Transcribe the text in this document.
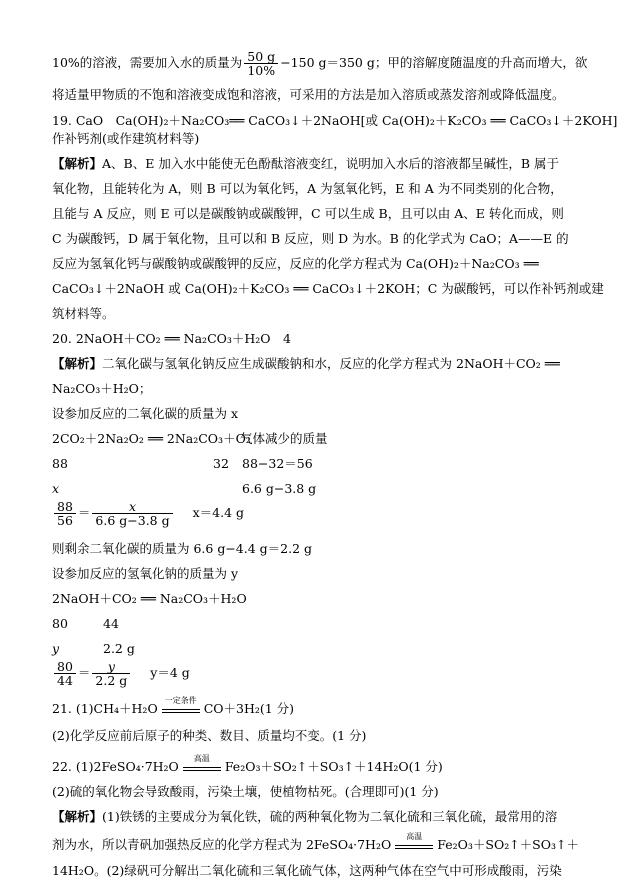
10%的溶液，需要加入水的质量为 $\frac{50 g}{10\%} -150$ g＝350 g；甲的溶解度随温度的升高而增大，欲
将适量甲物质的不饱和溶液变成饱和溶液，可采用的方法是加入溶质或蒸发溶剂或降低温度。
19. CaO　Ca(OH)₂＋Na₂CO₃══ CaCO₃↓＋2NaOH[或 Ca(OH)₂＋K₂CO₃ ══ CaCO₃↓＋2KOH]
作补钙剂(或作建筑材料等)
【解析】A、B、E 加入水中能使无色酚酞溶液变红，说明加入水后的溶液都呈碱性，B 属于
氧化物，且能转化为 A，则 B 可以为氧化钙，A 为氢氧化钙，E 和 A 为不同类别的化合物，
且能与 A 反应，则 E 可以是碳酸钠或碳酸钾，C 可以生成 B，且可以由 A、E 转化而成，则
C 为碳酸钙，D 属于氧化物，且可以和 B 反应，则 D 为水。B 的化学式为 CaO；A——E 的
反应为氢氧化钙与碳酸钠或碳酸钾的反应，反应的化学方程式为 Ca(OH)₂＋Na₂CO₃ ══
CaCO₃↓＋2NaOH 或 Ca(OH)₂＋K₂CO₃ ══ CaCO₃↓＋2KOH；C 为碳酸钙，可以作补钙剂或建
筑材料等。
20. 2NaOH＋CO₂ ══ Na₂CO₃＋H₂O　4
【解析】二氧化碳与氢氧化钠反应生成碳酸钠和水，反应的化学方程式为 2NaOH＋CO₂ ══
Na₂CO₃＋H₂O；
设参加反应的二氧化碳的质量为 x
2CO₂＋2Na₂O₂ ══ 2Na₂CO₃＋O₂
气体减少的质量
88	32 88−32＝56
x	6.6 g−3.8 g
$\frac{88}{56} = \frac{x}{6.6 g-3.8 g} x=4.4$ g
则剩余二氧化碳的质量为 6.6 g−4.4 g＝2.2 g
设参加反应的氢氧化钠的质量为 y
2NaOH＋CO₂ ══ Na₂CO₃＋H₂O
80	44
y	2.2 g
$\frac{80}{44} = \frac{y}{2.2 g} y=4$ g
21. (1)CH₄＋H₂O
一定条件
CO＋3H₂(1 分)
(2)化学反应前后原子的种类、数目、质量均不变。(1 分)
22. (1)2FeSO₄·7H₂O
高温
Fe₂O₃＋SO₂↑＋SO₃↑＋14H₂O(1 分)
(2)硫的氧化物会导致酸雨，污染土壤，使植物枯死。(合理即可)(1 分)
【解析】(1)铁锈的主要成分为氧化铁，硫的两种氧化物为二氧化硫和三氧化硫，最常用的溶
剂为水，所以青矾加强热反应的化学方程式为 2FeSO₄·7H₂O
高温
Fe₂O₃＋SO₂↑＋SO₃↑＋
14H₂O。(2)绿矾可分解出二氧化硫和三氧化硫气体，这两种气体在空气中可形成酸雨，污染
